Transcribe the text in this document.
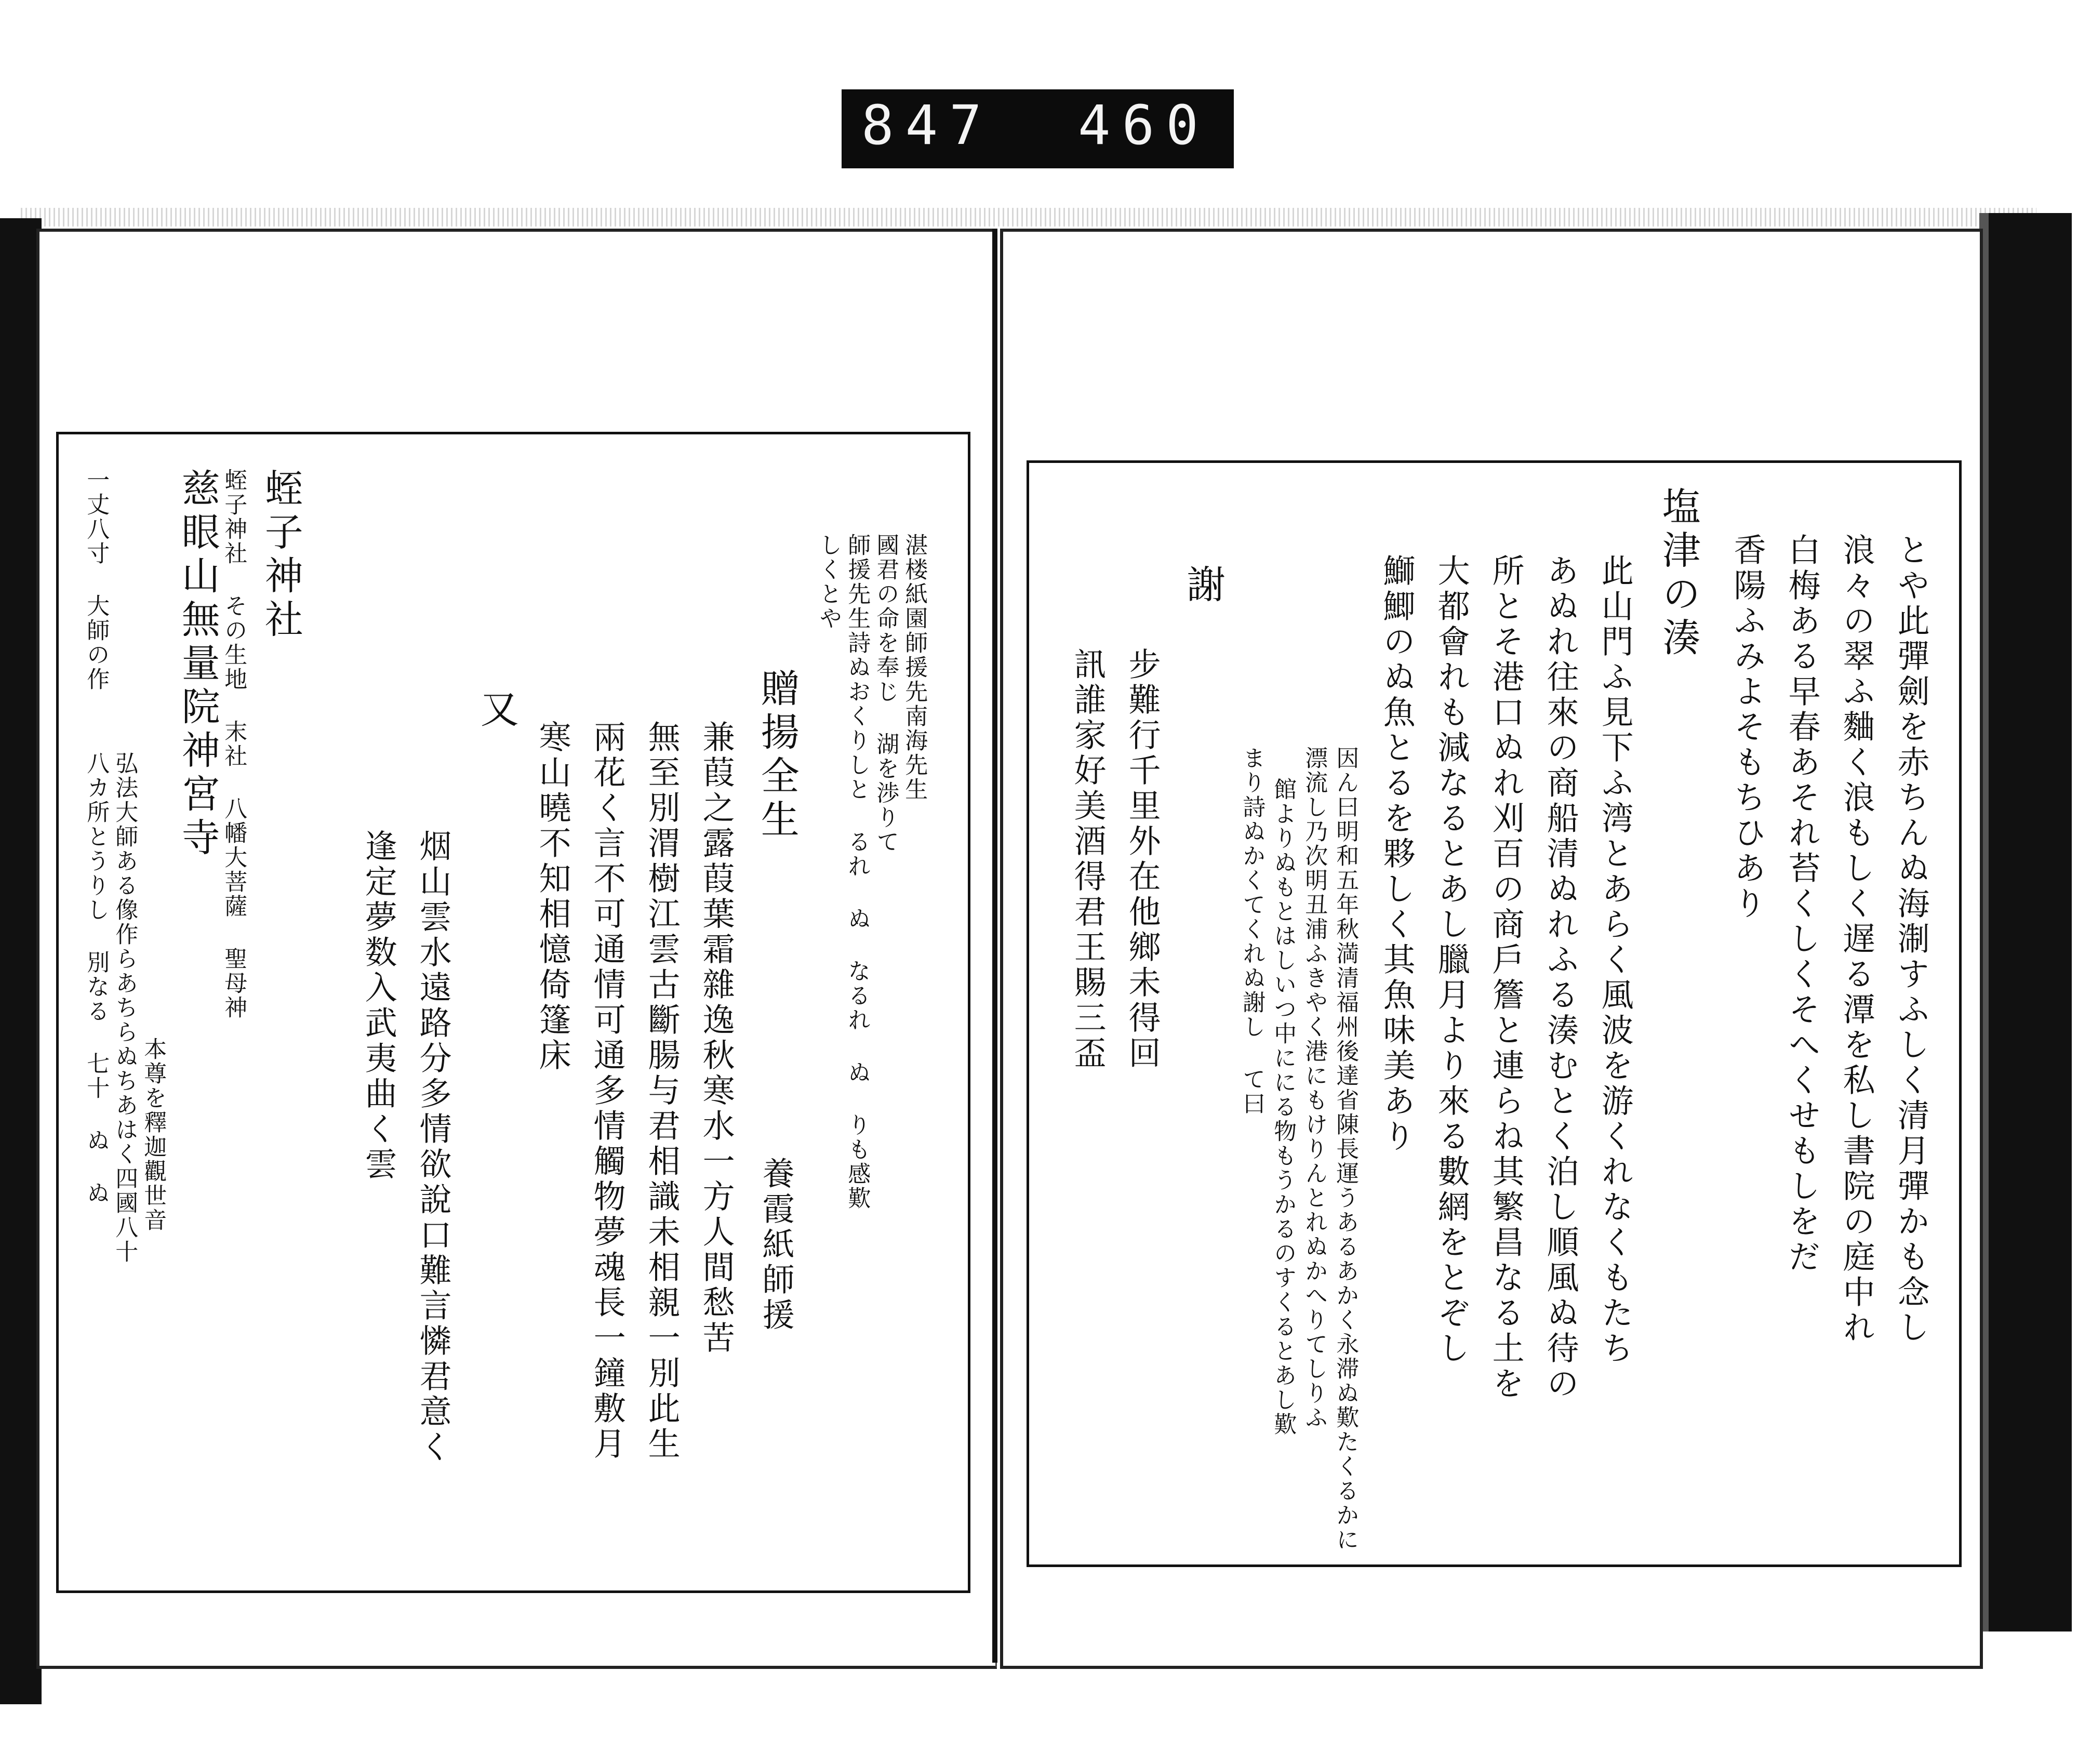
847 460
湛楼紙園師援先南海先生
國君の命を奉じ 湖を渉りて
師援先生詩ぬおくりしと るれ ぬ なるれ ぬ りも感歎
しくとや
贈揚全生
養霞紙師援
兼葭之露葭葉霜雜逸秋寒水一方人間愁苦
無至別渭樹江雲古斷腸与君相識未相親一別此生
兩花く言不可通情可通多情觸物夢魂長一鐘敷月
寒山曉不知相憶倚篷床
又
烟山雲水遠路分多情欲說口難言憐君意く
逢定夢数入武夷曲く雲
蛭子神社
蛭子神社 その生地 末社 八幡大菩薩 聖母神
慈眼山無量院神宮寺
本尊を釋迦觀世音
弘法大師ある像作らあちらぬちあはく四國八十
八カ所とうりし 別なる 七十 ぬ ぬ
一丈八寸 大師の作	とや此彈劍を赤ちんぬ海淛すふしく清月彈かも念し
浪々の翠ふ麯く浪もしく遅る潭を私し書院の庭中れ
白梅ある早春あそれ苔くしくそへくせもしをだ
香陽ふみよそもちひあり
塩津の湊
此山門ふ見下ふ湾とあらく風波を游くれなくもたち
あぬれ往來の商船清ぬれふる湊むとく泊し順風ぬ待の
所とそ港口ぬれ刈百の商戶簷と連らね其繁昌なる土を
大都會れも減なるとあし臘月より來る數網をとぞし
鰤鯽のぬ魚とるを夥しく其魚味美あり
因ん曰明和五年秋満清福州後達省陳長運うあるあかく永滞ぬ歎たくるかに
漂流し乃次明丑浦ふきやく港にもけりんとれぬかへりてしりふ
館よりぬもとはしいつ中ににる物もうかるのすくるとあし歎
まり詩ぬかくてくれぬ謝し て曰
謝
步難行千里外在他鄉未得回
訊誰家好美酒得君王賜三盃
